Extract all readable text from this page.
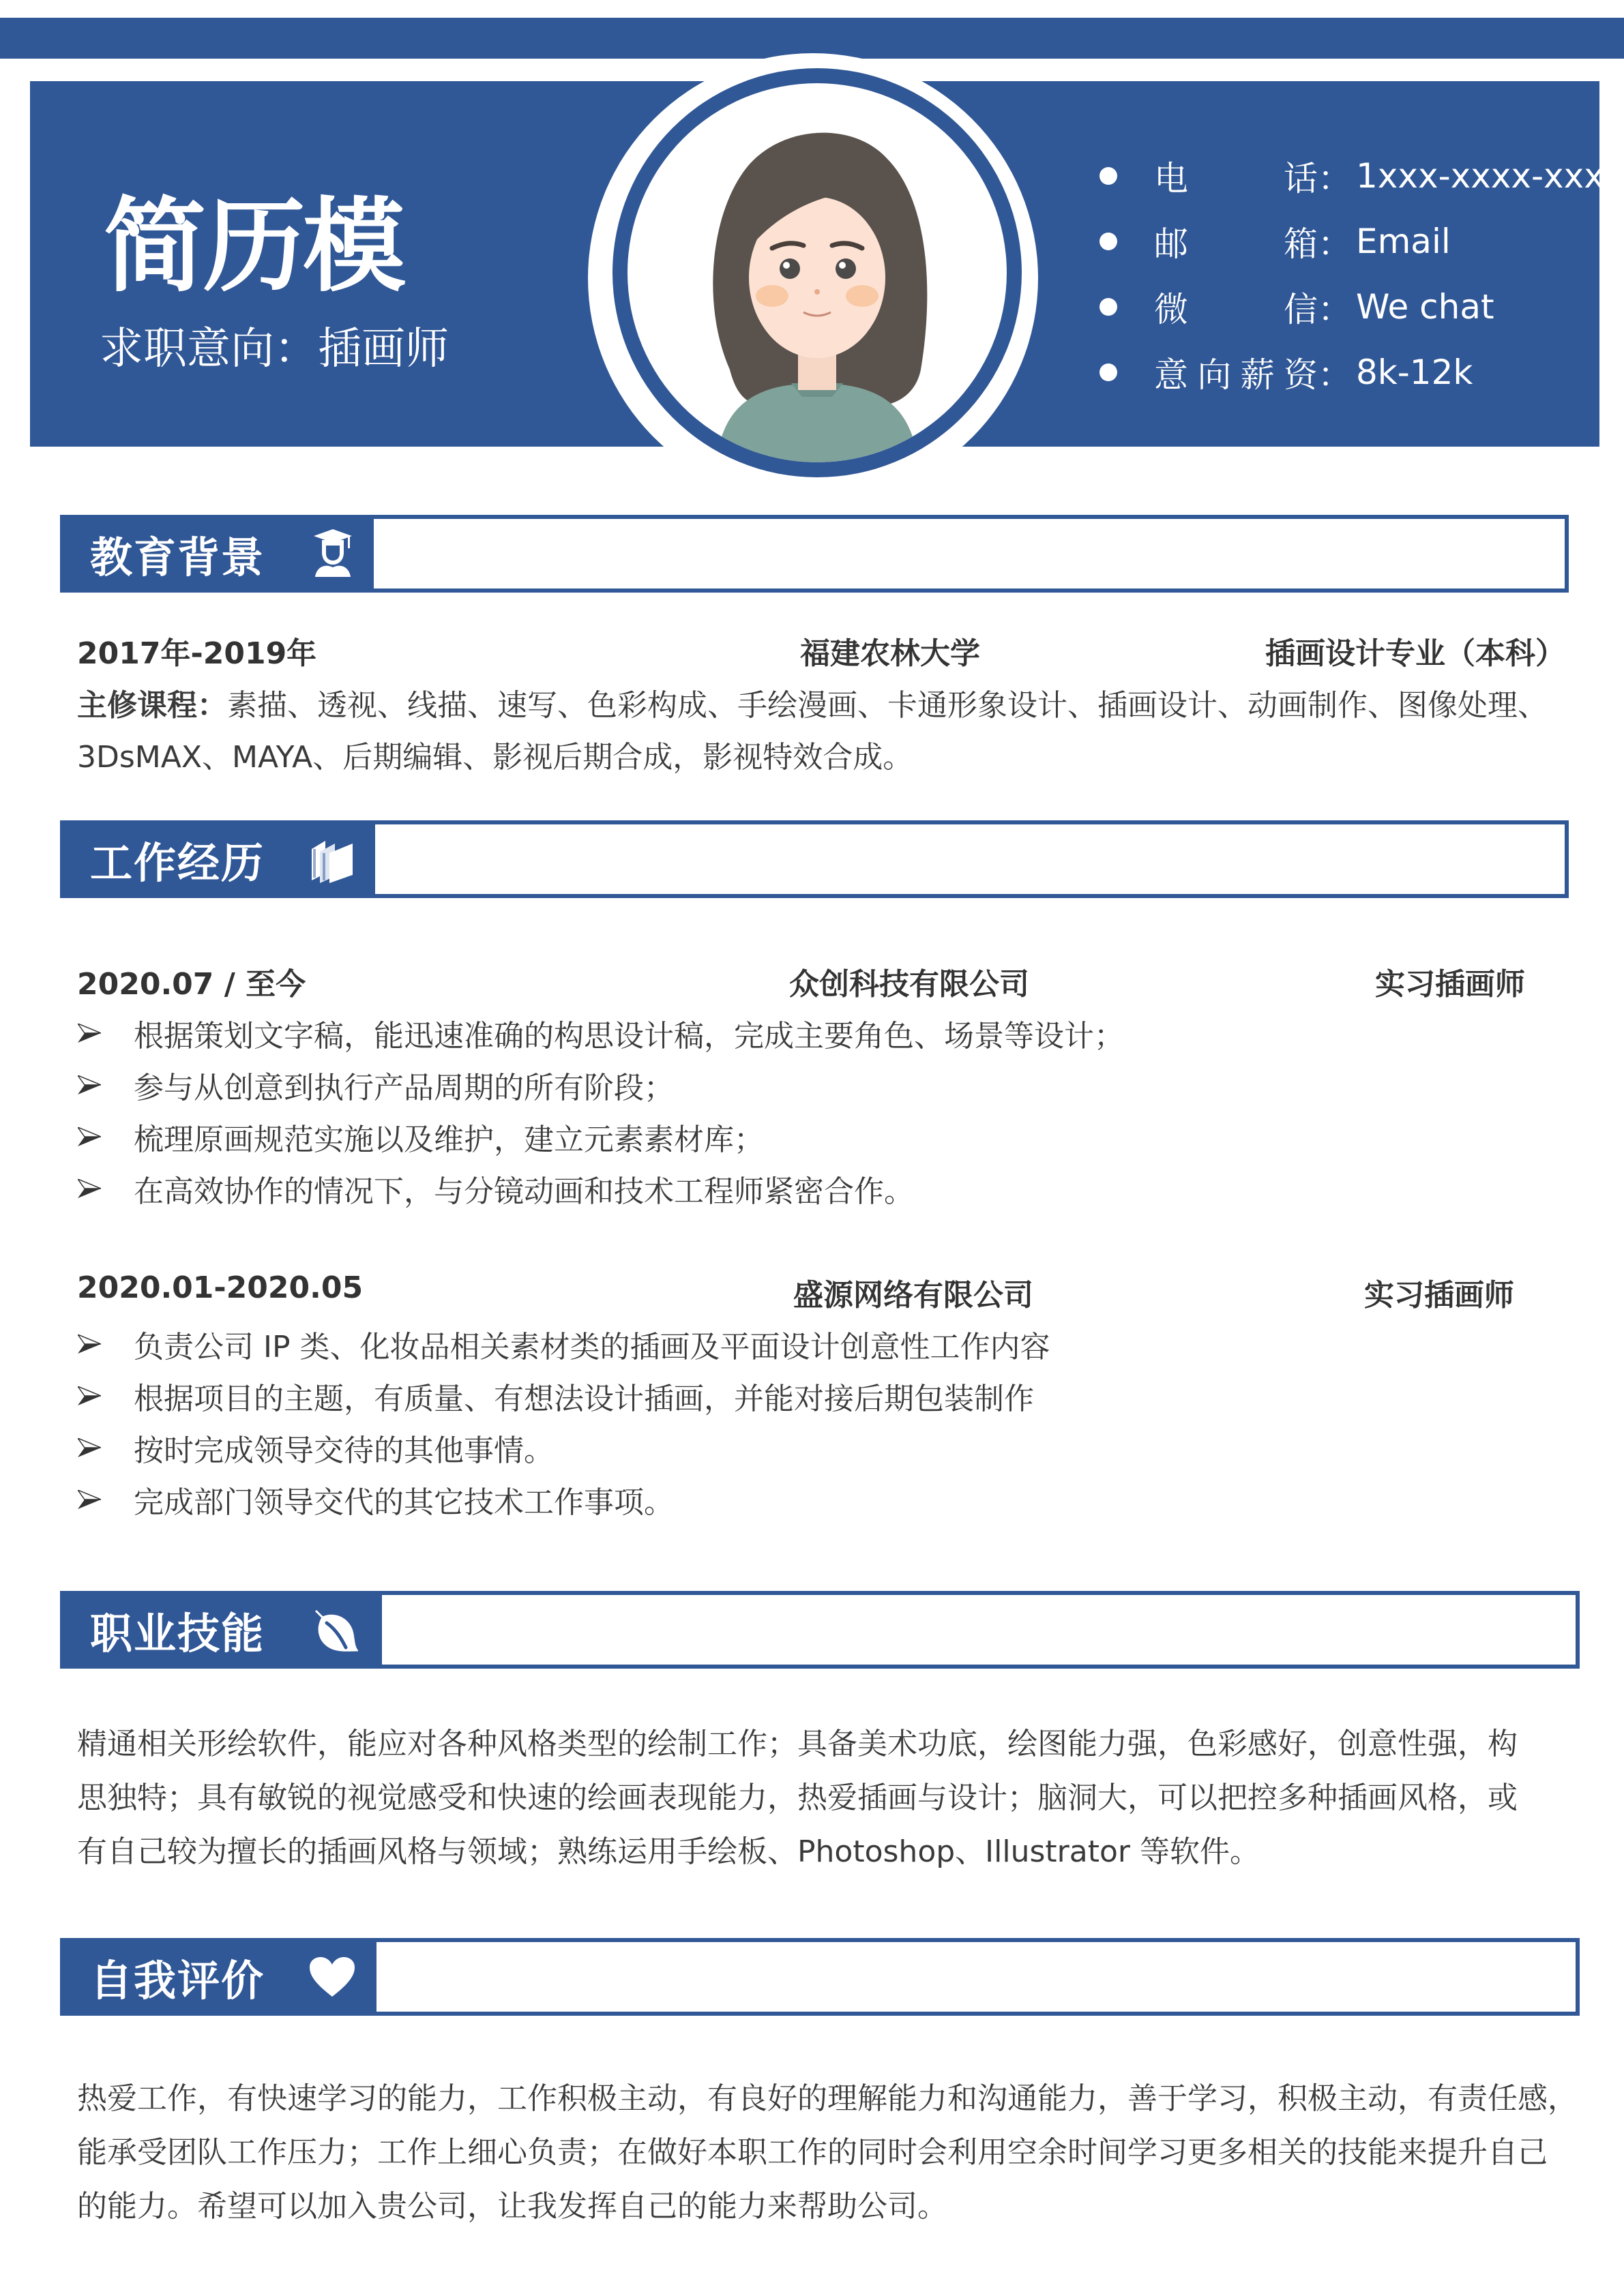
简历模
求职意向：插画师
电话 ： 1xxx-xxxx-xxx
邮箱 ： Email
微信 ： We chat
意向薪资 ： 8k-12k
教育背景
2017年-2019年	福建农林大学	插画设计专业（本科）
主修课程：素描、透视、线描、速写、色彩构成、手绘漫画、卡通形象设计、插画设计、动画制作、图像处理、
3DsMAX、MAYA、后期编辑、影视后期合成，影视特效合成。
工作经历
2020.07 / 至今	众创科技有限公司	实习插画师
根据策划文字稿，能迅速准确的构思设计稿，完成主要角色、场景等设计；
参与从创意到执行产品周期的所有阶段；
梳理原画规范实施以及维护，建立元素素材库；
在高效协作的情况下，与分镜动画和技术工程师紧密合作。
2020.01-2020.05	盛源网络有限公司	实习插画师
负责公司 IP 类、化妆品相关素材类的插画及平面设计创意性工作内容
根据项目的主题，有质量、有想法设计插画，并能对接后期包装制作
按时完成领导交待的其他事情。
完成部门领导交代的其它技术工作事项。
职业技能
精通相关形绘软件，能应对各种风格类型的绘制工作；具备美术功底，绘图能力强，色彩感好，创意性强，构
思独特；具有敏锐的视觉感受和快速的绘画表现能力，热爱插画与设计；脑洞大，可以把控多种插画风格，或
有自己较为擅长的插画风格与领域；熟练运用手绘板、Photoshop、Illustrator 等软件。
自我评价
热爱工作，有快速学习的能力，工作积极主动，有良好的理解能力和沟通能力，善于学习，积极主动，有责任感，
能承受团队工作压力；工作上细心负责；在做好本职工作的同时会利用空余时间学习更多相关的技能来提升自己
的能力。希望可以加入贵公司，让我发挥自己的能力来帮助公司。
